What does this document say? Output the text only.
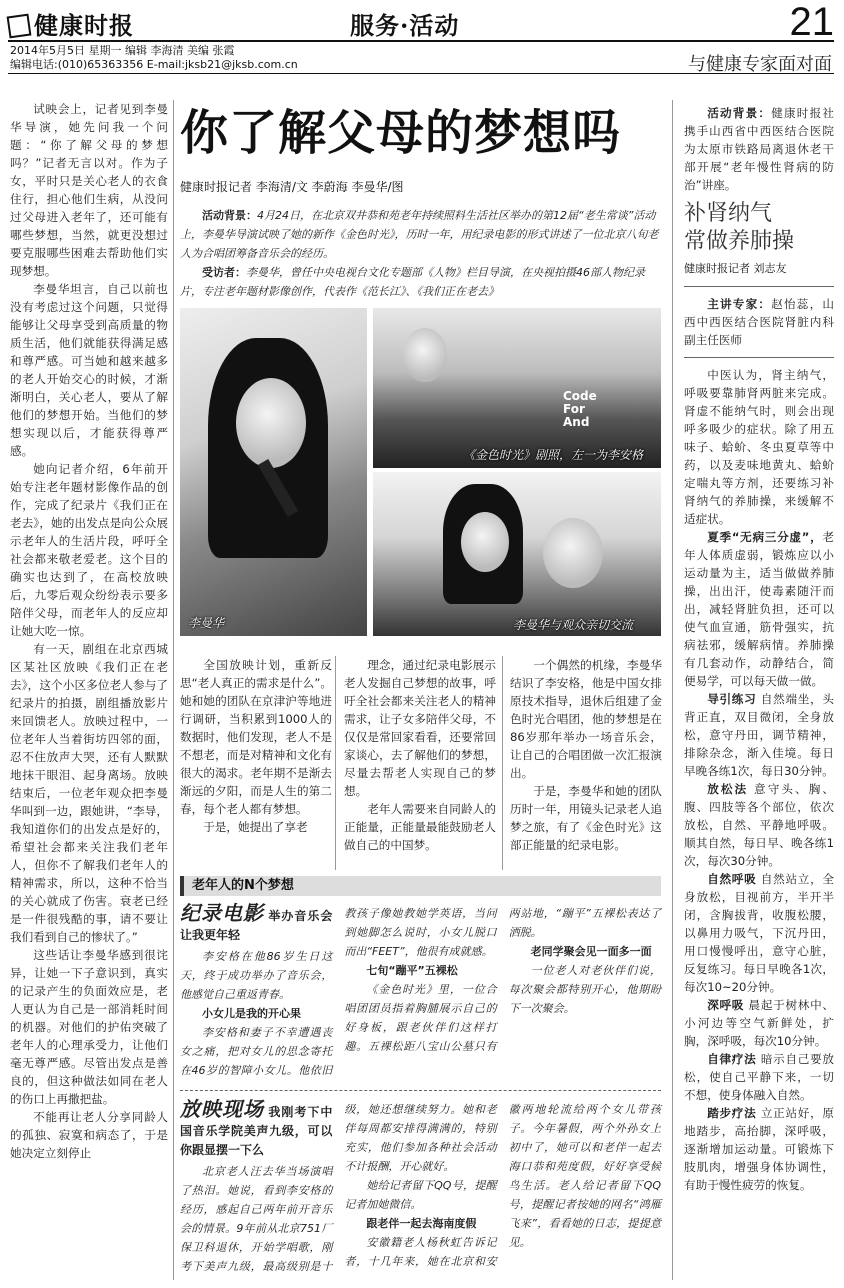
健康时报	服务·活动	21
2014年5月5日 星期一 编辑 李海清 美编 张霞
编辑电话:(010)65363356 E-mail:jksb21@jksb.com.cn	与健康专家面对面

试映会上，记者见到李曼华导演，她先问我一个问题：“你了解父母的梦想吗？”记者无言以对。作为子女，平时只是关心老人的衣食住行，担心他们生病，从没问过父母进入老年了，还可能有哪些梦想，当然，就更没想过要克服哪些困难去帮助他们实现梦想。

李曼华坦言，自己以前也没有考虑过这个问题，只觉得能够让父母享受到高质量的物质生活，他们就能获得满足感和尊严感。可当她和越来越多的老人开始交心的时候，才渐渐明白，关心老人，要从了解他们的梦想开始。当他们的梦想实现以后，才能获得尊严感。

她向记者介绍，6年前开始专注老年题材影像作品的创作，完成了纪录片《我们正在老去》，她的出发点是向公众展示老年人的生活片段，呼吁全社会都来敬老爱老。这个目的确实也达到了，在高校放映后，九零后观众纷纷表示要多陪伴父母，而老年人的反应却让她大吃一惊。

有一天，剧组在北京西城区某社区放映《我们正在老去》，这个小区多位老人参与了纪录片的拍摄，剧组播放影片来回馈老人。放映过程中，一位老年人当着街坊四邻的面，忍不住放声大哭，还有人默默地抹干眼泪、起身离场。放映结束后，一位老年观众把李曼华叫到一边，跟她讲，“李导，我知道你们的出发点是好的，希望社会都来关注我们老年人，但你不了解我们老年人的精神需求，所以，这种不恰当的关心就成了伤害。衰老已经是一件很残酷的事，请不要让我们看到自己的惨状了。”

这些话让李曼华感到很诧异，让她一下子意识到，真实的记录产生的负面效应是，老人更认为自己是一部消耗时间的机器。对他们的护佑突破了老年人的心理承受力，让他们毫无尊严感。尽管出发点是善良的，但这种做法如同在老人的伤口上再撒把盐。

不能再让老人分享同龄人的孤独、寂寞和病态了，于是她决定立刻停止

你了解父母的梦想吗
健康时报记者 李海清/文 李蔚海 李曼华/图

活动背景：4月24日，在北京双井恭和苑老年持续照料生活社区举办的第12届“老生常谈”活动上，李曼华导演试映了她的新作《金色时光》，历时一年，用纪录电影的形式讲述了一位北京八旬老人为合唱团筹备音乐会的经历。

受访者：李曼华，曾任中央电视台文化专题部《人物》栏目导演，在央视拍摄46部人物纪录片，专注老年题材影像创作，代表作《范长江》、《我们正在老去》

李曼华
Code
For
And
《金色时光》剧照，左一为李安格
李曼华与观众亲切交流

全国放映计划，重新反思“老人真正的需求是什么”。她和她的团队在京津沪等地进行调研，当积累到1000人的数据时，他们发现，老人不是不想老，而是对精神和文化有很大的渴求。老年期不是渐去渐远的夕阳，而是人生的第二春，每个老人都有梦想。

于是，她提出了享老

理念，通过纪录电影展示老人发掘自己梦想的故事，呼吁全社会都来关注老人的精神需求，让子女多陪伴父母，不仅仅是常回家看看，还要常回家谈心，去了解他们的梦想，尽量去帮老人实现自己的梦想。

老年人需要来自同龄人的正能量，正能量最能鼓励老人做自己的中国梦。

一个偶然的机缘，李曼华结识了李安格，他是中国女排原技术指导，退休后组建了金色时光合唱团，他的梦想是在86岁那年举办一场音乐会，让自己的合唱团做一次汇报演出。

于是，李曼华和她的团队历时一年，用镜头记录老人追梦之旅，有了《金色时光》这部正能量的纪录电影。

老年人的N个梦想
纪录电影 举办音乐会让我更年轻

李安格在他86岁生日这天，终于成功举办了音乐会，他感觉自己重返青春。

小女儿是我的开心果

李安格和妻子不幸遭遇丧女之痛，把对女儿的思念寄托在46岁的智障小女儿。他依旧教孩子像她教她学英语，当问到她脚怎么说时，小女儿脱口而出“FEET”，他很有成就感。

七旬“蹦平”五裸松

《金色时光》里，一位合唱团团员指着胸脯展示自己的好身板，跟老伙伴们这样打趣。五裸松距八宝山公墓只有两站地，“蹦平”五裸松表达了洒脱。

老同学聚会见一面多一面

一位老人对老伙伴们说，每次聚会都特别开心，他期盼下一次聚会。

放映现场 我刚考下中国音乐学院美声九级，可以你跟显摆一下么

北京老人汪去华当场演唱了热泪。她说，看到李安格的经历，感起自己两年前开音乐会的情景。9年前从北京751厂保卫科退休，开始学唱歌，刚考下美声九级，最高级别是十级，她还想继续努力。她和老伴每周都安排得满满的，特别充实，他们参加各种社会活动不计报酬，开心就好。

她给记者留下QQ号，提醒记者加她微信。

跟老伴一起去海南度假

安徽籍老人杨秋虹告诉记者，十几年来，她在北京和安徽两地轮流给两个女儿带孩子。今年暑假，两个外孙女上初中了，她可以和老伴一起去海口恭和苑度假，好好享受候鸟生活。老人给记者留下QQ号，提醒记者按她的网名“鸿雁飞来”，看看她的日志，提提意见。

活动背景：健康时报社携手山西省中西医结合医院为太原市铁路局离退休老干部开展“老年慢性肾病的防治”讲座。

补肾纳气
常做养肺操
健康时报记者 刘志友

主讲专家：赵怡蕊，山西中西医结合医院肾脏内科副主任医师

中医认为，肾主纳气，呼吸要靠肺肾两脏来完成。肾虚不能纳气时，则会出现呼多吸少的症状。除了用五味子、蛤蚧、冬虫夏草等中药，以及麦味地黄丸、蛤蚧定喘丸等方剂，还要练习补肾纳气的养肺操，来缓解不适症状。

夏季“无病三分虚”，老年人体质虚弱，锻炼应以小运动量为主，适当做做养肺操，出出汗，使毒素随汗而出，减轻肾脏负担，还可以使气血宣通，筋骨强实，抗病祛邪，缓解病情。养肺操有几套动作，动静结合，简便易学，可以每天做一做。

导引练习 自然端坐，头背正直，双目微闭，全身放松，意守丹田，调节精神，排除杂念，渐入佳境。每日早晚各练1次，每日30分钟。

放松法 意守头、胸、腹、四肢等各个部位，依次放松，自然、平静地呼吸。顺其自然，每日早、晚各练1次，每次30分钟。

自然呼吸 自然站立，全身放松，目视前方，半开半闭，含胸拔背，收腹松腰，以鼻用力吸气，下沉丹田，用口慢慢呼出，意守心脏，反复练习。每日早晚各1次，每次10~20分钟。

深呼吸 晨起于树林中、小河边等空气新鲜处，扩胸，深呼吸，每次10分钟。

自律疗法 暗示自己要放松，使自己平静下来，一切不想，使身体融入自然。

踏步疗法 立正站好，原地踏步，高抬脚，深呼吸，逐渐增加运动量。可锻炼下肢肌肉，增强身体协调性，有助于慢性疲劳的恢复。
